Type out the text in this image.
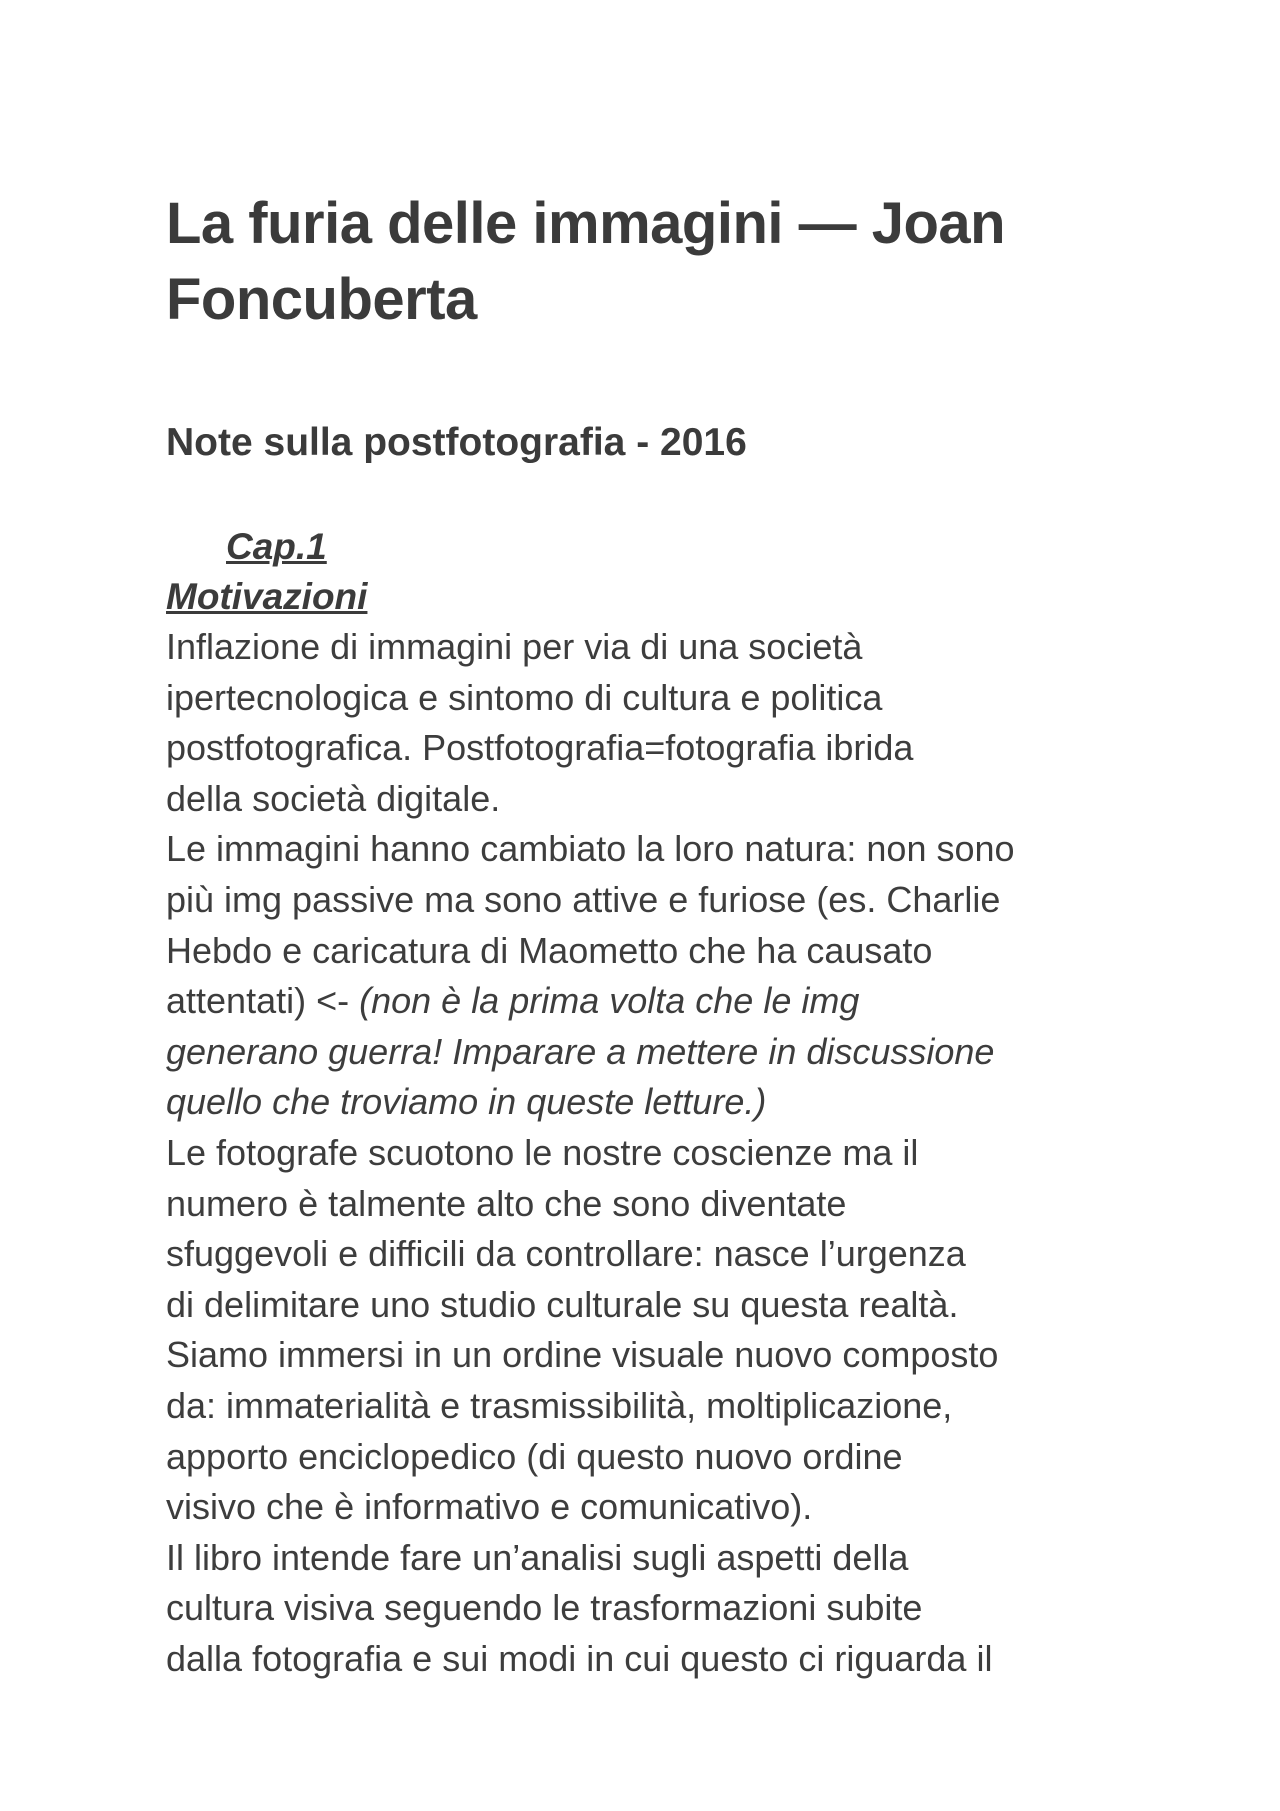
La furia delle immagini — Joan
Foncuberta
Note sulla postfotografia - 2016
Cap.1
Motivazioni
Inflazione di immagini per via di una società
ipertecnologica e sintomo di cultura e politica
postfotografica. Postfotografia=fotografia ibrida
della società digitale.
Le immagini hanno cambiato la loro natura: non sono
più img passive ma sono attive e furiose (es. Charlie
Hebdo e caricatura di Maometto che ha causato
attentati) <- (non è la prima volta che le img
generano guerra! Imparare a mettere in discussione
quello che troviamo in queste letture.)
Le fotografe scuotono le nostre coscienze ma il
numero è talmente alto che sono diventate
sfuggevoli e difficili da controllare: nasce l’urgenza
di delimitare uno studio culturale su questa realtà.
Siamo immersi in un ordine visuale nuovo composto
da: immaterialità e trasmissibilità, moltiplicazione,
apporto enciclopedico (di questo nuovo ordine
visivo che è informativo e comunicativo).
Il libro intende fare un’analisi sugli aspetti della
cultura visiva seguendo le trasformazioni subite
dalla fotografia e sui modi in cui questo ci riguarda il
